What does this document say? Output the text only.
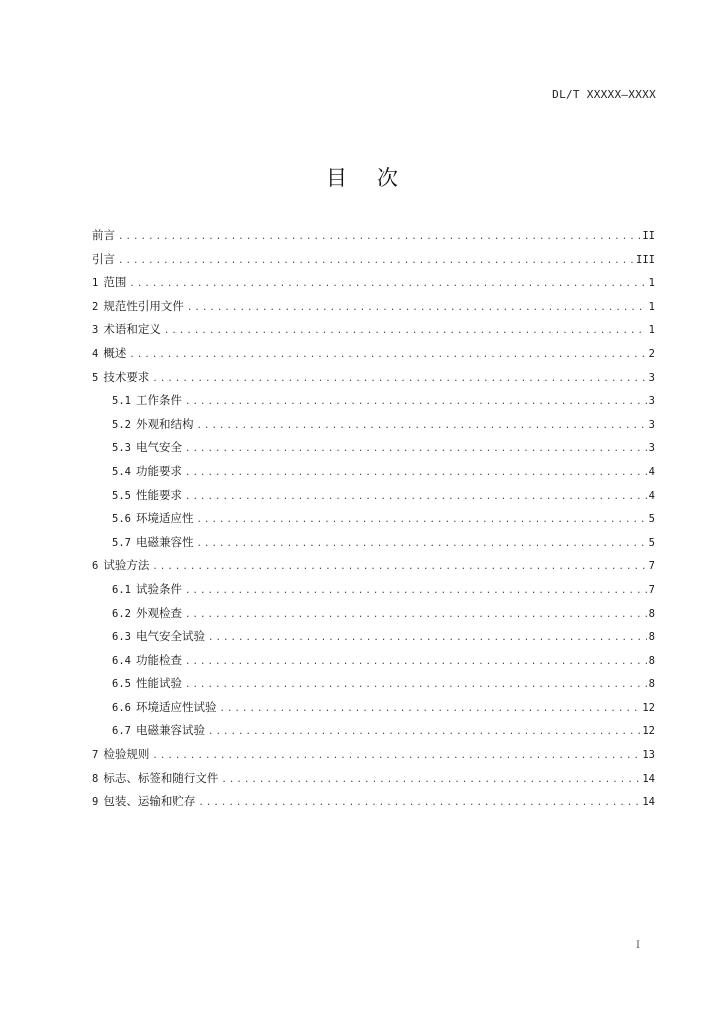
DL/T XXXXX—XXXX
目 次
前言 .....	II
引言 .....	III
1 范围 .....	1
2 规范性引用文件 .....	1
3 术语和定义 .....	1
4 概述 .....	2
5 技术要求 .....	3
5.1 工作条件 .....	3
5.2 外观和结构 .....	3
5.3 电气安全 .....	3
5.4 功能要求 .....	4
5.5 性能要求 .....	4
5.6 环境适应性 .....	5
5.7 电磁兼容性 .....	5
6 试验方法 .....	7
6.1 试验条件 .....	7
6.2 外观检查 .....	8
6.3 电气安全试验 .....	8
6.4 功能检查 .....	8
6.5 性能试验 .....	8
6.6 环境适应性试验 .....	12
6.7 电磁兼容试验 .....	12
7 检验规则 .....	13
8 标志、标签和随行文件 .....	14
9 包装、运输和贮存 .....	14
I
